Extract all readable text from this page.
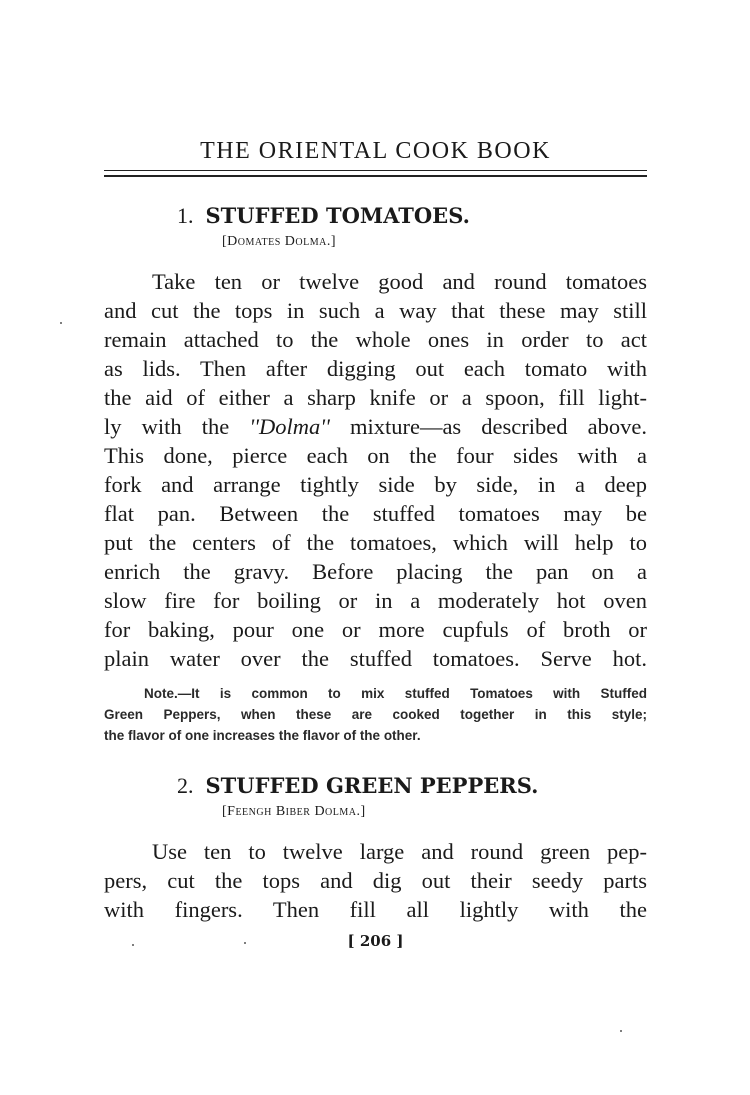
THE ORIENTAL COOK BOOK
1. STUFFED TOMATOES.
[Domates Dolma.]
Take ten or twelve good and round tomatoes
and cut the tops in such a way that these may still
remain attached to the whole ones in order to act
as lids. Then after digging out each tomato with
the aid of either a sharp knife or a spoon, fill light-
ly with the ''Dolma'' mixture—as described above.
This done, pierce each on the four sides with a
fork and arrange tightly side by side, in a deep
flat pan. Between the stuffed tomatoes may be
put the centers of the tomatoes, which will help to
enrich the gravy. Before placing the pan on a
slow fire for boiling or in a moderately hot oven
for baking, pour one or more cupfuls of broth or
plain water over the stuffed tomatoes. Serve hot.
Note.—It is common to mix stuffed Tomatoes with Stuffed
Green Peppers, when these are cooked together in this style;
the flavor of one increases the flavor of the other.
2. STUFFED GREEN PEPPERS.
[Feengh Biber Dolma.]
Use ten to twelve large and round green pep-
pers, cut the tops and dig out their seedy parts
with fingers. Then fill all lightly with the
[ 206 ]
